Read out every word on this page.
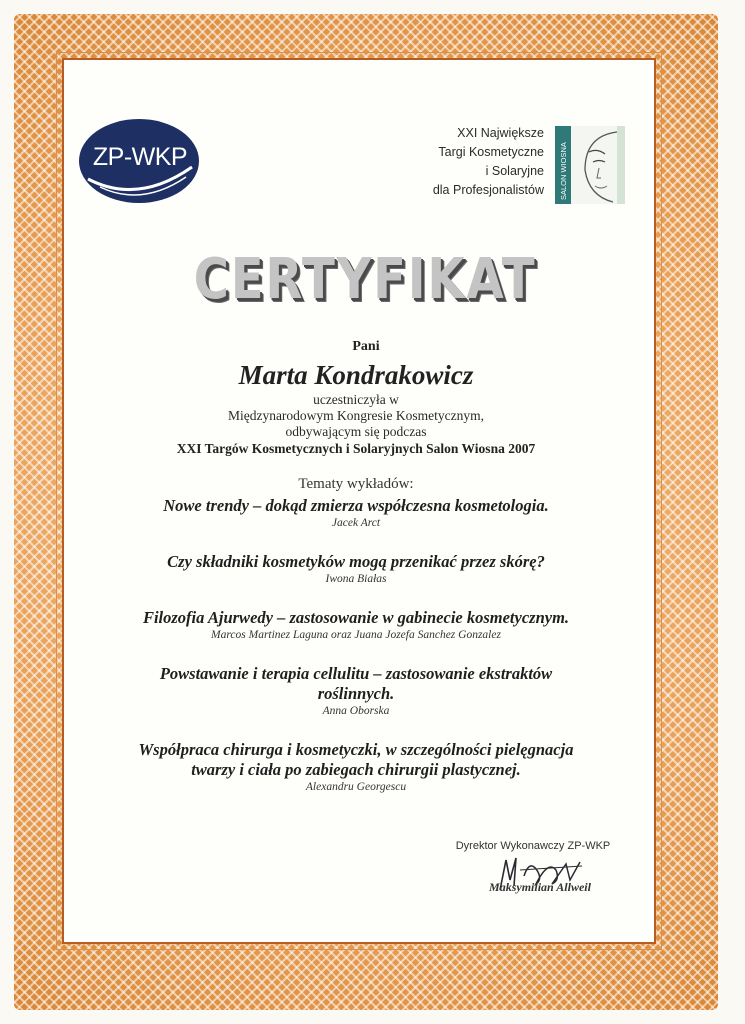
ZP-WKP
XXI Największe
Targi Kosmetyczne
i Solaryjne
dla Profesjonalistów SALON WIOSNA
CERTYFIKAT
Pani
Marta Kondrakowicz
uczestniczyła w
Międzynarodowym Kongresie Kosmetycznym,
odbywającym się podczas
XXI Targów Kosmetycznych i Solaryjnych Salon Wiosna 2007
Tematy wykładów:
Nowe trendy – dokąd zmierza współczesna kosmetologia.
Jacek Arct
Czy składniki kosmetyków mogą przenikać przez skórę?
Iwona Białas
Filozofia Ajurwedy – zastosowanie w gabinecie kosmetycznym.
Marcos Martinez Laguna oraz Juana Jozefa Sanchez Gonzalez
Powstawanie i terapia cellulitu – zastosowanie ekstraktów
roślinnych.
Anna Oborska
Współpraca chirurga i kosmetyczki, w szczególności pielęgnacja
twarzy i ciała po zabiegach chirurgii plastycznej.
Alexandru Georgescu
Dyrektor Wykonawczy ZP-WKP
Maksymilian Allweil
